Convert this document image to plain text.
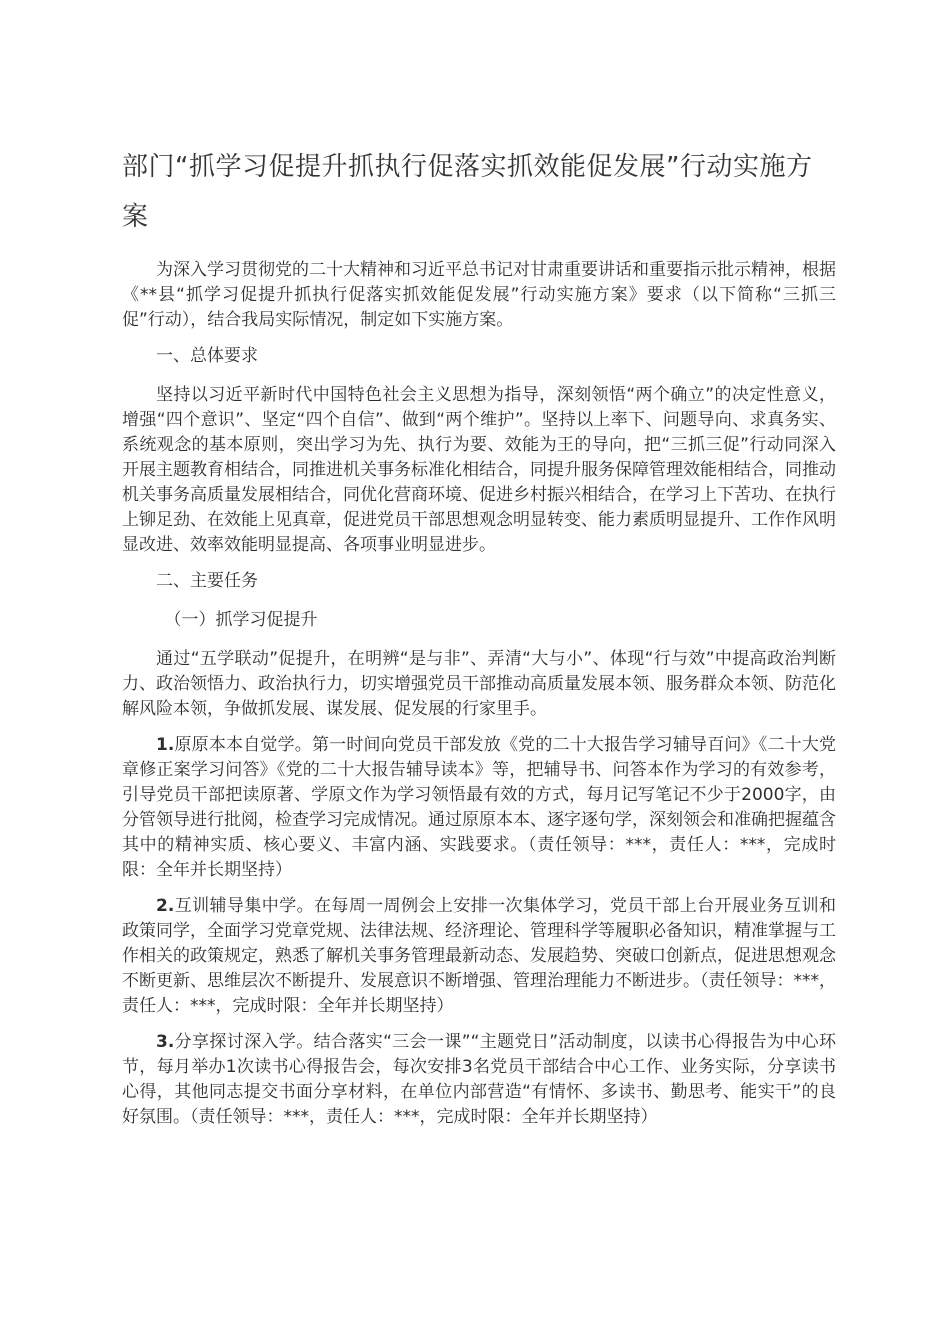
部门“抓学习促提升抓执行促落实抓效能促发展”行动实施方案

为深入学习贯彻党的二十大精神和习近平总书记对甘肃重要讲话和重要指示批示精神，根据《**县“抓学习促提升抓执行促落实抓效能促发展”行动实施方案》要求（以下简称“三抓三促”行动），结合我局实际情况，制定如下实施方案。

一、总体要求

坚持以习近平新时代中国特色社会主义思想为指导，深刻领悟“两个确立”的决定性意义，增强“四个意识”、坚定“四个自信”、做到“两个维护”。坚持以上率下、问题导向、求真务实、系统观念的基本原则，突出学习为先、执行为要、效能为王的导向，把“三抓三促”行动同深入开展主题教育相结合，同推进机关事务标准化相结合，同提升服务保障管理效能相结合，同推动机关事务高质量发展相结合，同优化营商环境、促进乡村振兴相结合，在学习上下苦功、在执行上铆足劲、在效能上见真章，促进党员干部思想观念明显转变、能力素质明显提升、工作作风明显改进、效率效能明显提高、各项事业明显进步。

二、主要任务

（一）抓学习促提升

通过“五学联动”促提升，在明辨“是与非”、弄清“大与小”、体现“行与效”中提高政治判断力、政治领悟力、政治执行力，切实增强党员干部推动高质量发展本领、服务群众本领、防范化解风险本领，争做抓发展、谋发展、促发展的行家里手。

1.原原本本自觉学。第一时间向党员干部发放《党的二十大报告学习辅导百问》《二十大党章修正案学习问答》《党的二十大报告辅导读本》等，把辅导书、问答本作为学习的有效参考，引导党员干部把读原著、学原文作为学习领悟最有效的方式，每月记写笔记不少于2000字，由分管领导进行批阅，检查学习完成情况。通过原原本本、逐字逐句学，深刻领会和准确把握蕴含其中的精神实质、核心要义、丰富内涵、实践要求。（责任领导：***，责任人：***，完成时限：全年并长期坚持）

2.互训辅导集中学。在每周一周例会上安排一次集体学习，党员干部上台开展业务互训和政策同学，全面学习党章党规、法律法规、经济理论、管理科学等履职必备知识，精准掌握与工作相关的政策规定，熟悉了解机关事务管理最新动态、发展趋势、突破口创新点，促进思想观念不断更新、思维层次不断提升、发展意识不断增强、管理治理能力不断进步。（责任领导：***，责任人：***，完成时限：全年并长期坚持）

3.分享探讨深入学。结合落实“三会一课”“主题党日”活动制度，以读书心得报告为中心环节，每月举办1次读书心得报告会，每次安排3名党员干部结合中心工作、业务实际，分享读书心得，其他同志提交书面分享材料，在单位内部营造“有情怀、多读书、勤思考、能实干”的良好氛围。（责任领导：***，责任人：***，完成时限：全年并长期坚持）
